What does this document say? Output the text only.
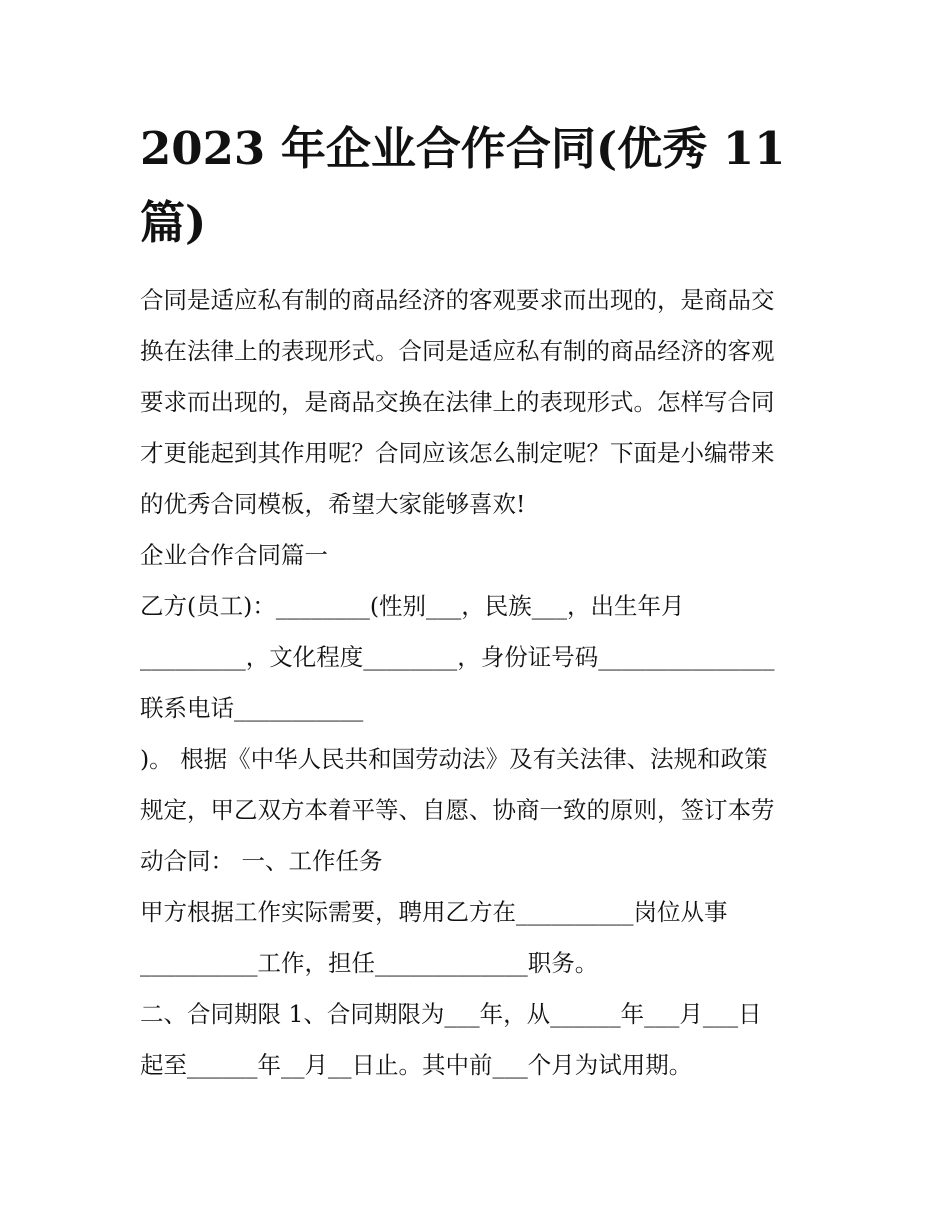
2023 年企业合作合同(优秀 11
篇)
合同是适应私有制的商品经济的客观要求而出现的，是商品交
换在法律上的表现形式。合同是适应私有制的商品经济的客观
要求而出现的，是商品交换在法律上的表现形式。怎样写合同
才更能起到其作用呢？合同应该怎么制定呢？下面是小编带来
的优秀合同模板，希望大家能够喜欢!
企业合作合同篇一
乙方(员工)：________(性别___，民族___，出生年月
_________，文化程度________，身份证号码_______________
联系电话___________
)。 根据《中华人民共和国劳动法》及有关法律、法规和政策
规定，甲乙双方本着平等、自愿、协商一致的原则，签订本劳
动合同： 一、工作任务
甲方根据工作实际需要，聘用乙方在__________岗位从事
__________工作，担任_____________职务。
二、合同期限 1、合同期限为___年，从______年___月___日
起至______年__月__日止。其中前___个月为试用期。
